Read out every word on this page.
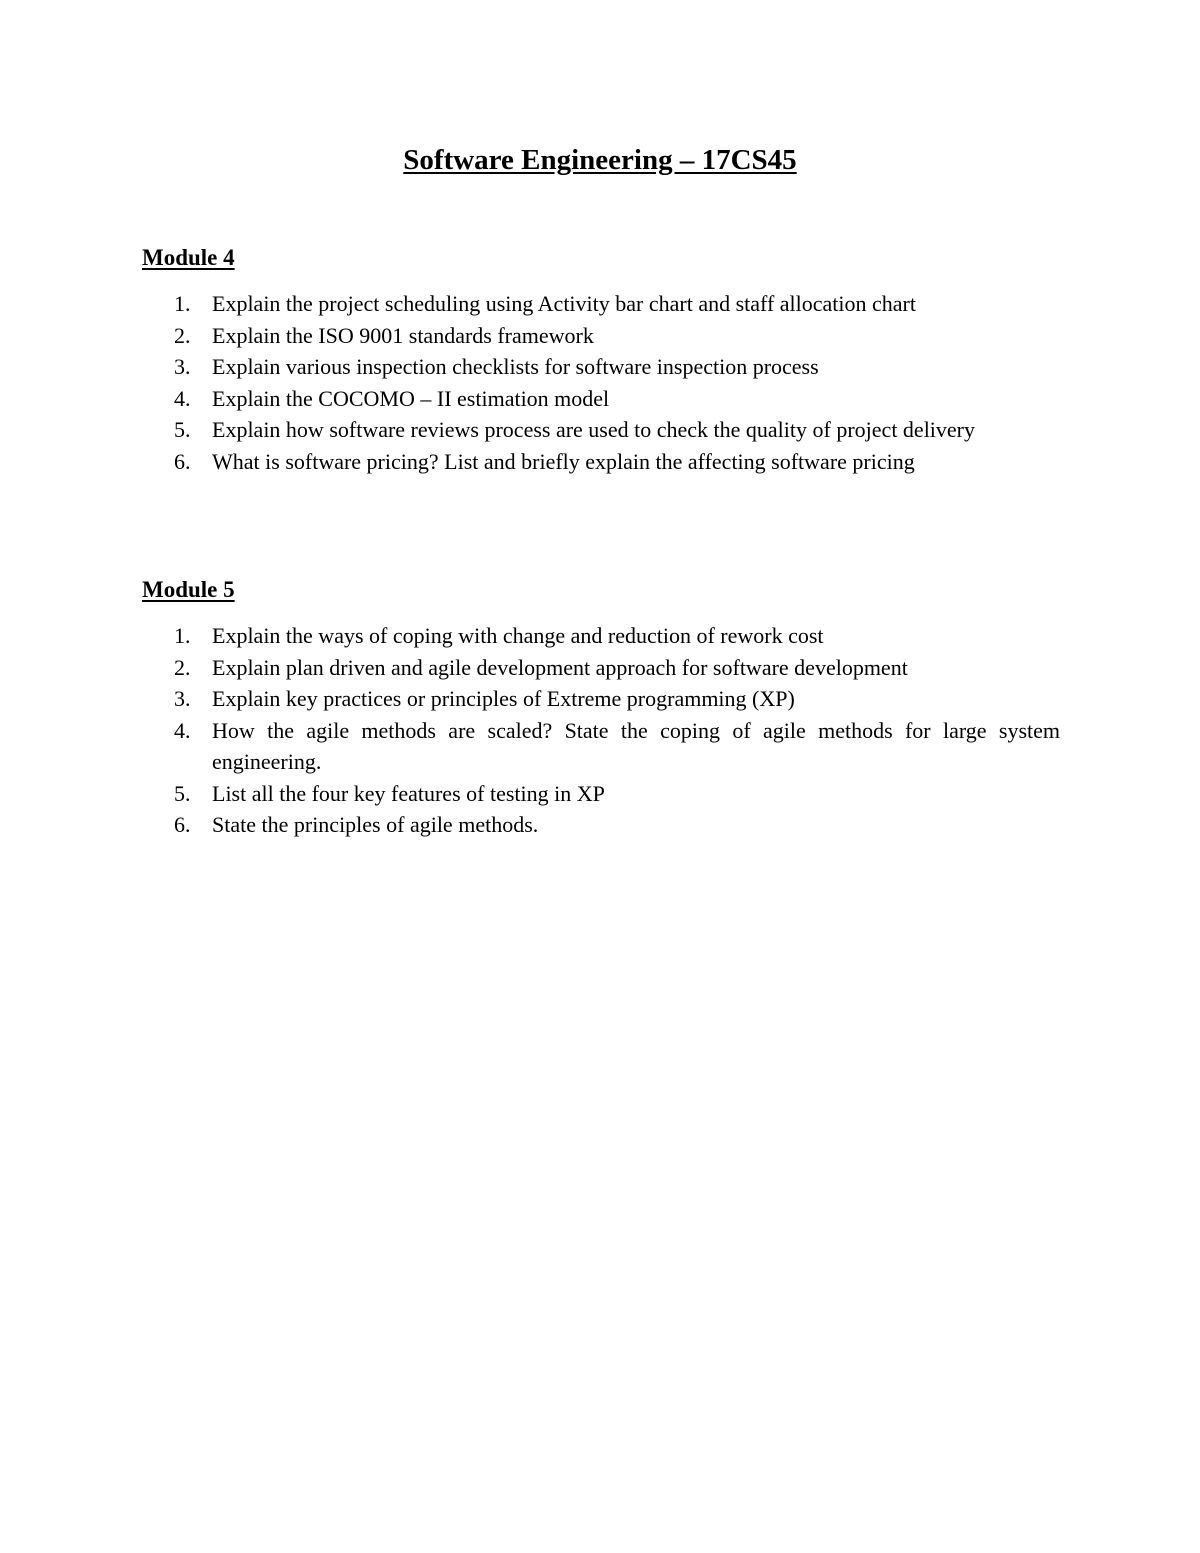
Software Engineering – 17CS45
Module 4
1. Explain the project scheduling using Activity bar chart and staff allocation chart
2. Explain the ISO 9001 standards framework
3. Explain various inspection checklists for software inspection process
4. Explain the COCOMO – II estimation model
5. Explain how software reviews process are used to check the quality of project delivery
6. What is software pricing? List and briefly explain the affecting software pricing
Module 5
1. Explain the ways of coping with change and reduction of rework cost
2. Explain plan driven and agile development approach for software development
3. Explain key practices or principles of Extreme programming (XP)
4. How the agile methods are scaled? State the coping of agile methods for large system engineering.
5. List all the four key features of testing in XP
6. State the principles of agile methods.
